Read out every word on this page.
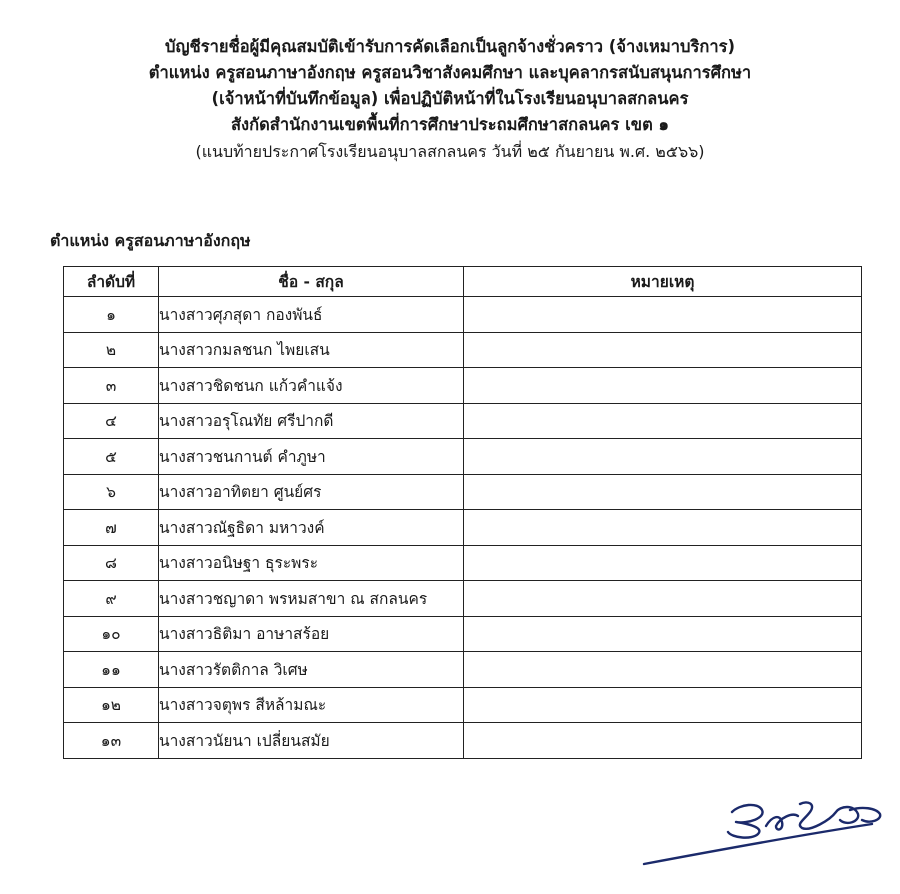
บัญชีรายชื่อผู้มีคุณสมบัติเข้ารับการคัดเลือกเป็นลูกจ้างชั่วคราว (จ้างเหมาบริการ)
ตำแหน่ง ครูสอนภาษาอังกฤษ ครูสอนวิชาสังคมศึกษา และบุคลากรสนับสนุนการศึกษา
(เจ้าหน้าที่บันทึกข้อมูล) เพื่อปฏิบัติหน้าที่ในโรงเรียนอนุบาลสกลนคร
สังกัดสำนักงานเขตพื้นที่การศึกษาประถมศึกษาสกลนคร เขต ๑
(แนบท้ายประกาศโรงเรียนอนุบาลสกลนคร วันที่ ๒๕ กันยายน พ.ศ. ๒๕๖๖)
ตำแหน่ง ครูสอนภาษาอังกฤษ
ลำดับที่	ชื่อ - สกุล	หมายเหตุ
๑	นางสาวศุภสุดา กองพันธ์	
๒	นางสาวกมลชนก ไพยเสน	
๓	นางสาวชิดชนก แก้วคำแจ้ง	
๔	นางสาวอรุโณทัย ศรีปากดี	
๕	นางสาวชนกานต์ คำภูษา	
๖	นางสาวอาทิตยา ศูนย์ศร	
๗	นางสาวณัฐธิดา มหาวงค์	
๘	นางสาวอนิษฐา ธุระพระ	
๙	นางสาวชญาดา พรหมสาขา ณ สกลนคร	
๑๐	นางสาวธิติมา อาษาสร้อย	
๑๑	นางสาวรัตติกาล วิเศษ	
๑๒	นางสาวจตุพร สีหล้ามณะ	
๑๓	นางสาวนัยนา เปลี่ยนสมัย	
